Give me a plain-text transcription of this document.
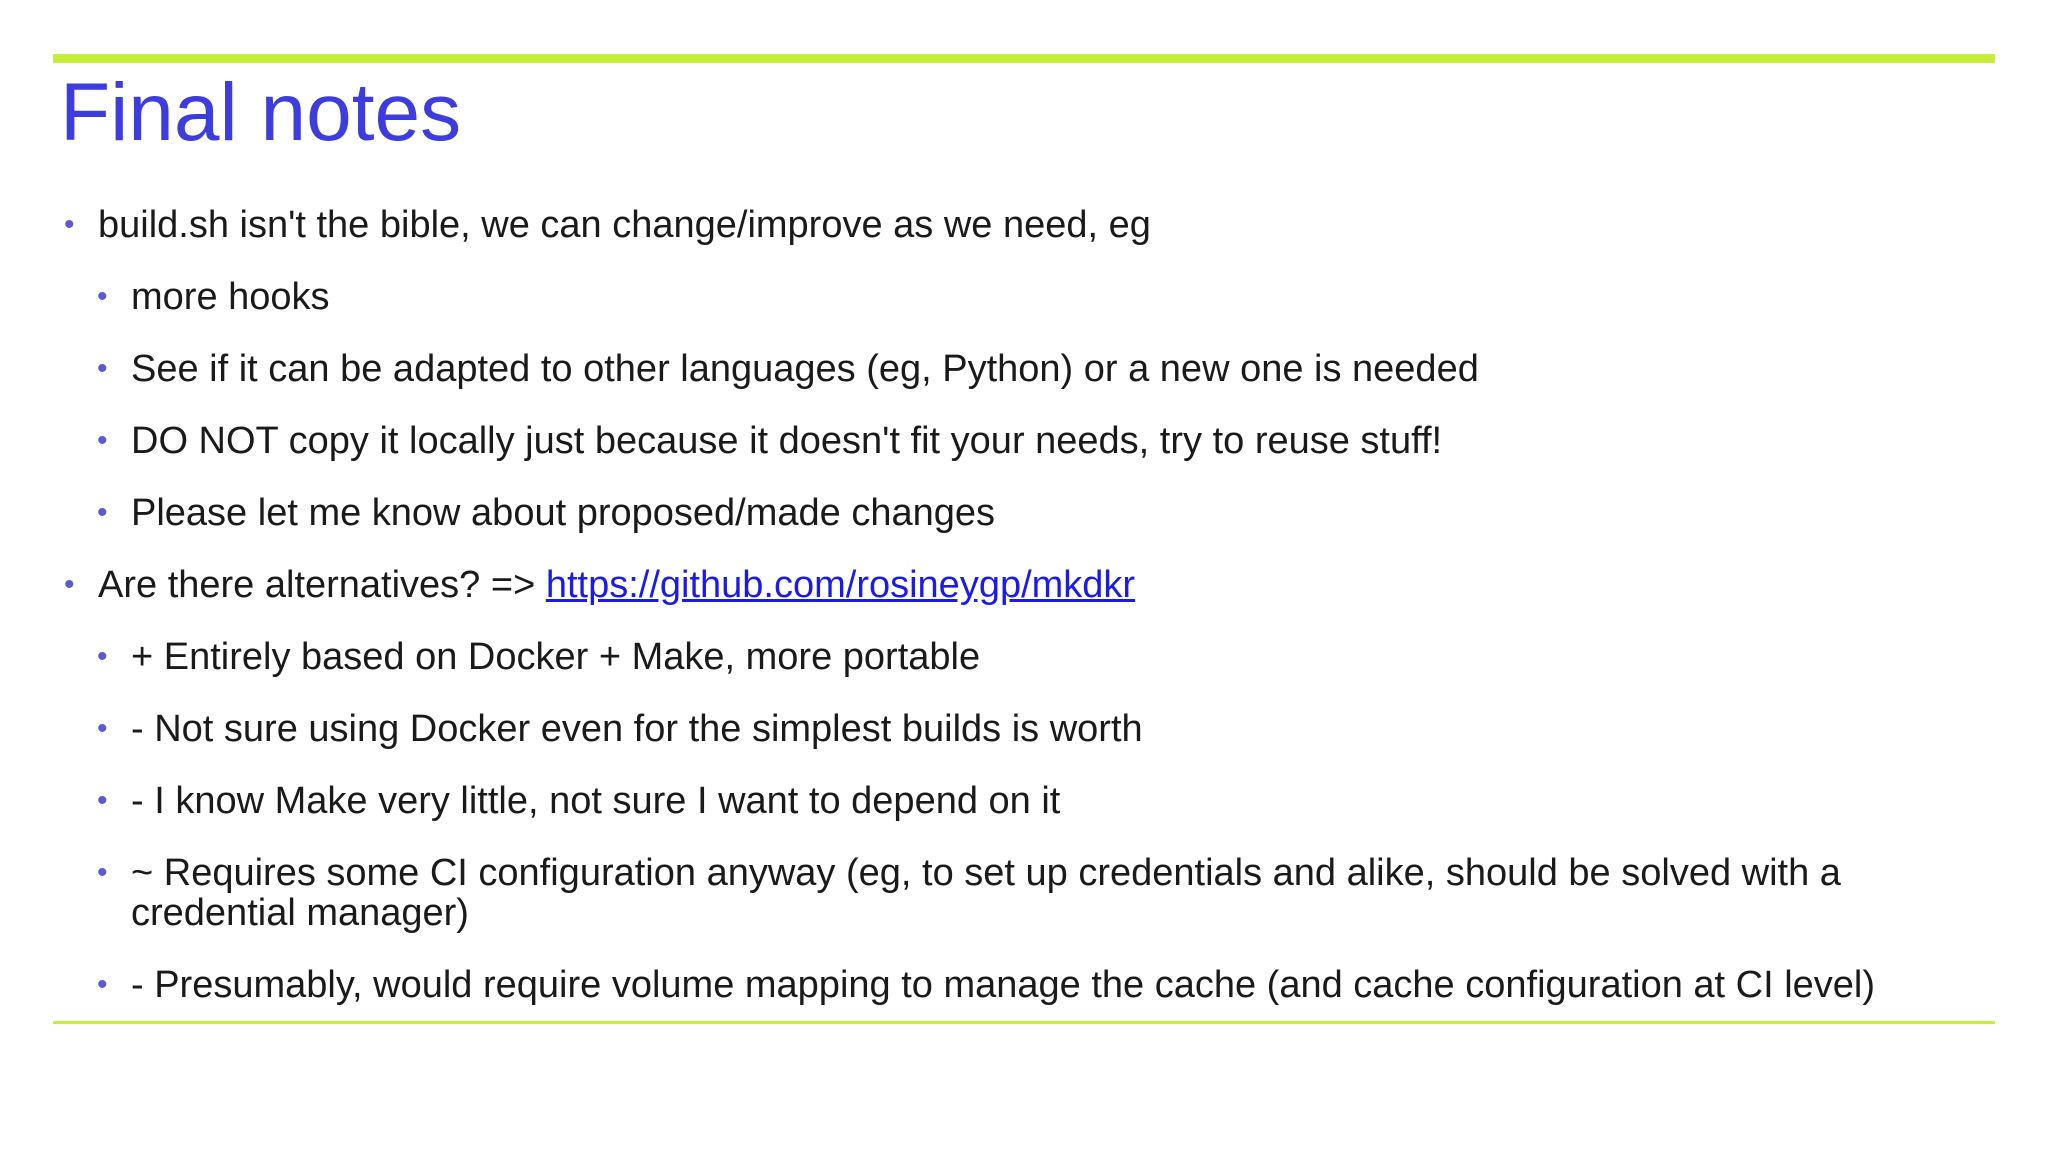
Final notes
• build.sh isn't the bible, we can change/improve as we need, eg
• more hooks
• See if it can be adapted to other languages (eg, Python) or a new one is needed
• DO NOT copy it locally just because it doesn't fit your needs, try to reuse stuff!
• Please let me know about proposed/made changes
• Are there alternatives? => https://github.com/rosineygp/mkdkr
• + Entirely based on Docker + Make, more portable
• - Not sure using Docker even for the simplest builds is worth
• - I know Make very little, not sure I want to depend on it
• ~ Requires some CI configuration anyway (eg, to set up credentials and alike, should be solved with a credential manager)
• - Presumably, would require volume mapping to manage the cache (and cache configuration at CI level)
